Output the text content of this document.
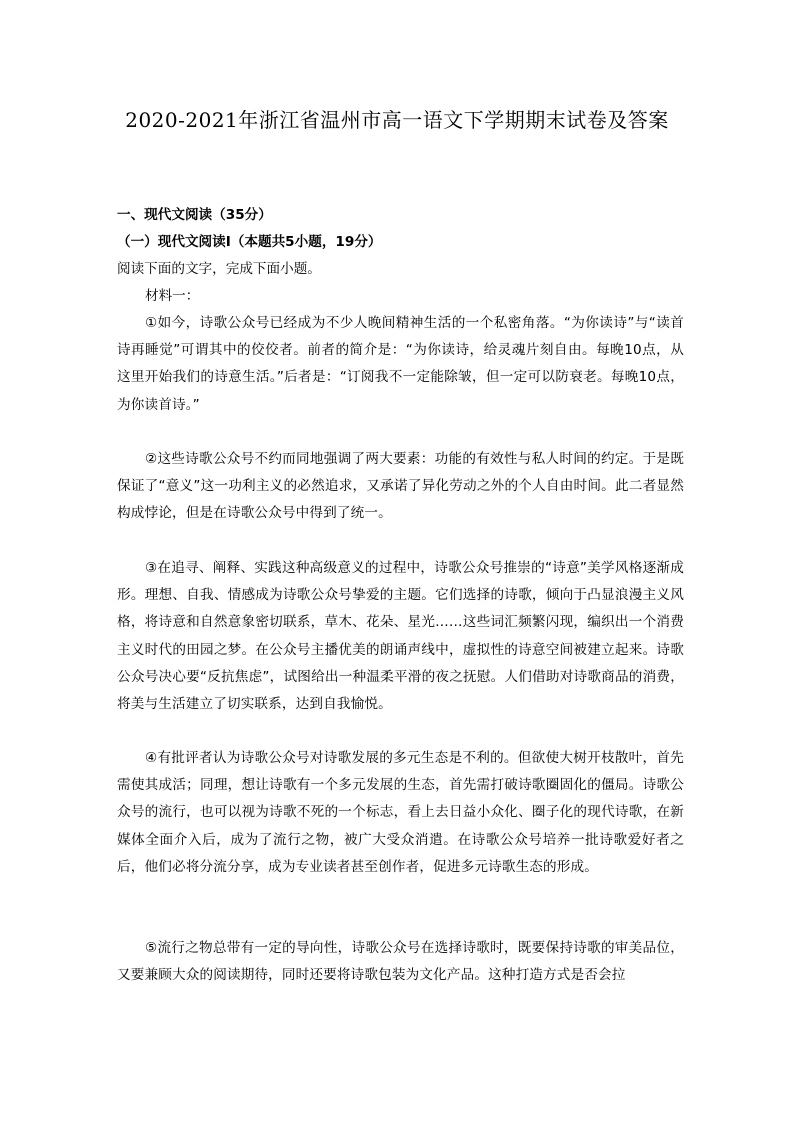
2020-2021年浙江省温州市高一语文下学期期末试卷及答案
一、现代文阅读（35分）
（一）现代文阅读Ⅰ（本题共5小题，19分）
阅读下面的文字，完成下面小题。
材料一：
①如今，诗歌公众号已经成为不少人晚间精神生活的一个私密角落。“为你读诗”与“读首诗再睡觉”可谓其中的佼佼者。前者的简介是：“为你读诗，给灵魂片刻自由。每晚10点，从这里开始我们的诗意生活。”后者是：“订阅我不一定能除皱，但一定可以防衰老。每晚10点，为你读首诗。”
②这些诗歌公众号不约而同地强调了两大要素：功能的有效性与私人时间的约定。于是既保证了“意义”这一功利主义的必然追求，又承诺了异化劳动之外的个人自由时间。此二者显然构成悖论，但是在诗歌公众号中得到了统一。
③在追寻、阐释、实践这种高级意义的过程中，诗歌公众号推崇的“诗意”美学风格逐渐成形。理想、自我、情感成为诗歌公众号挚爱的主题。它们选择的诗歌，倾向于凸显浪漫主义风格，将诗意和自然意象密切联系，草木、花朵、星光……这些词汇频繁闪现，编织出一个消费主义时代的田园之梦。在公众号主播优美的朗诵声线中，虚拟性的诗意空间被建立起来。诗歌公众号决心要“反抗焦虑”，试图给出一种温柔平滑的夜之抚慰。人们借助对诗歌商品的消费，将美与生活建立了切实联系，达到自我愉悦。
④有批评者认为诗歌公众号对诗歌发展的多元生态是不利的。但欲使大树开枝散叶，首先需使其成活；同理，想让诗歌有一个多元发展的生态，首先需打破诗歌圈固化的僵局。诗歌公众号的流行，也可以视为诗歌不死的一个标志，看上去日益小众化、圈子化的现代诗歌，在新媒体全面介入后，成为了流行之物，被广大受众消遣。在诗歌公众号培养一批诗歌爱好者之后，他们必将分流分享，成为专业读者甚至创作者，促进多元诗歌生态的形成。
⑤流行之物总带有一定的导向性，诗歌公众号在选择诗歌时，既要保持诗歌的审美品位，又要兼顾大众的阅读期待，同时还要将诗歌包装为文化产品。这种打造方式是否会拉
